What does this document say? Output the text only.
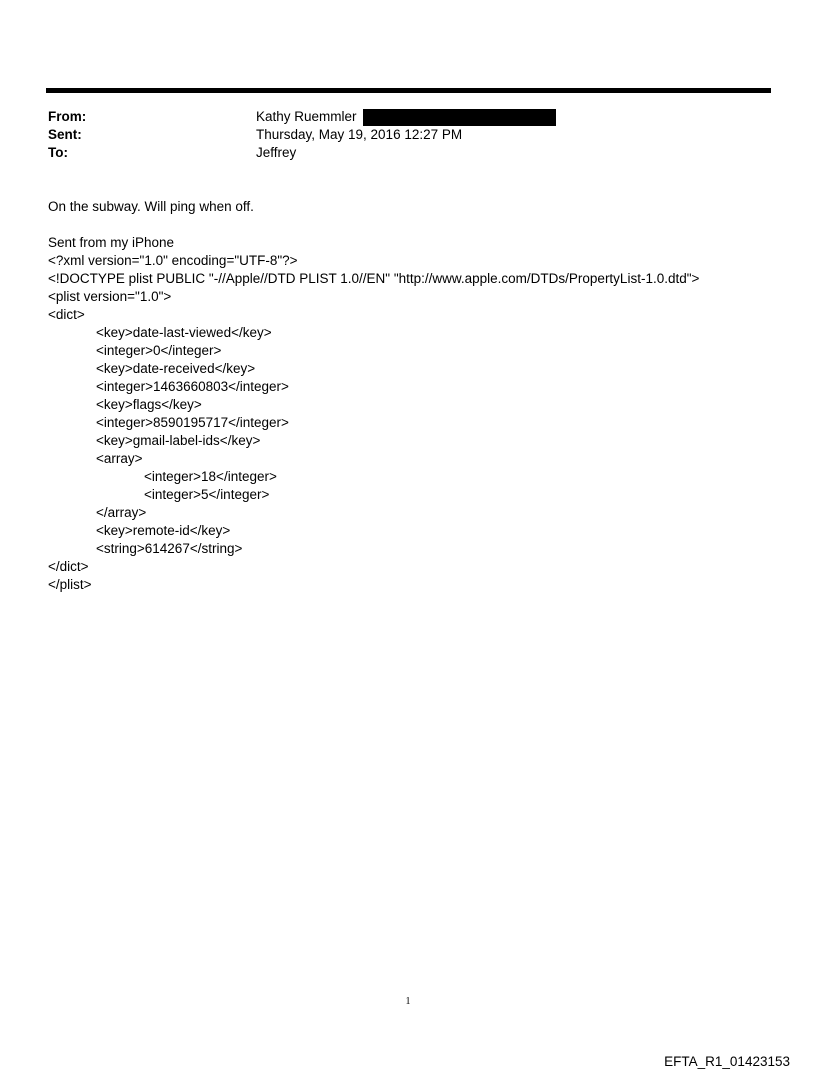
From:	Kathy Ruemmler
Sent:	Thursday, May 19, 2016 12:27 PM
To:	Jeffrey
On the subway. Will ping when off.
Sent from my iPhone
<?xml version="1.0" encoding="UTF-8"?>
<!DOCTYPE plist PUBLIC "-//Apple//DTD PLIST 1.0//EN" "http://www.apple.com/DTDs/PropertyList-1.0.dtd">
<plist version="1.0">
<dict>
<key>date-last-viewed</key>
<integer>0</integer>
<key>date-received</key>
<integer>1463660803</integer>
<key>flags</key>
<integer>8590195717</integer>
<key>gmail-label-ids</key>
<array>
<integer>18</integer>
<integer>5</integer>
</array>
<key>remote-id</key>
<string>614267</string>
</dict>
</plist>
1
EFTA_R1_01423153
